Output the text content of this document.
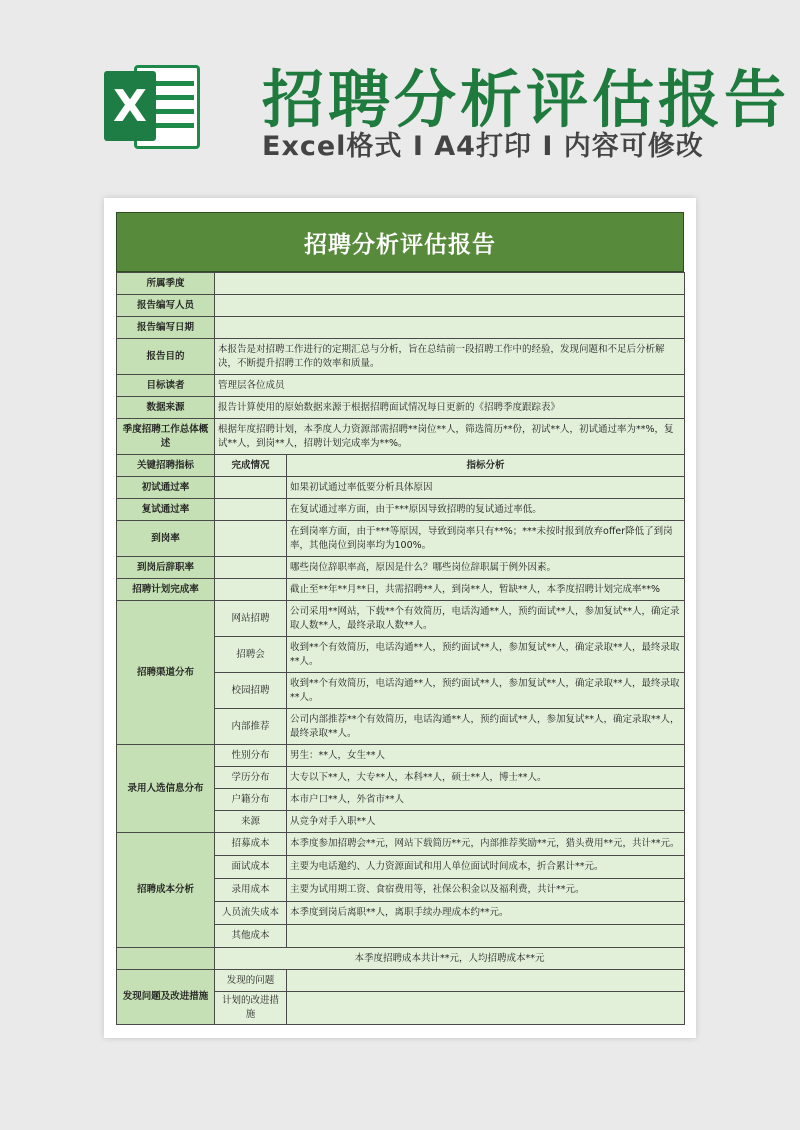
X 招聘分析评估报告
Excel格式 I A4打印 I 内容可修改
招聘分析评估报告
所属季度		
报告编写人员		
报告编写日期		
报告目的	本报告是对招聘工作进行的定期汇总与分析，旨在总结前一段招聘工作中的经验，发现问题和不足后分析解决，不断提升招聘工作的效率和质量。	
目标读者	管理层各位成员	
数据来源	报告计算使用的原始数据来源于根据招聘面试情况每日更新的《招聘季度跟踪表》	
季度招聘工作总体概述	根据年度招聘计划，本季度人力资源部需招聘**岗位**人，筛选简历**份，初试**人，初试通过率为**%，复试**人，到岗**人，招聘计划完成率为**%。	
关键招聘指标	完成情况	指标分析
初试通过率		如果初试通过率低要分析具体原因
复试通过率		在复试通过率方面，由于***原因导致招聘的复试通过率低。
到岗率		在到岗率方面，由于***等原因，导致到岗率只有**%；***未按时报到放弃offer降低了到岗率，其他岗位到岗率均为100%。
到岗后辞职率		哪些岗位辞职率高，原因是什么？哪些岗位辞职属于例外因素。
招聘计划完成率		截止至**年**月**日，共需招聘**人，到岗**人，暂缺**人，本季度招聘计划完成率**%
招聘渠道分布	网站招聘	公司采用**网站，下载**个有效简历，电话沟通**人，预约面试**人，参加复试**人，确定录取人数**人，最终录取人数**人。
	招聘会	收到**个有效简历，电话沟通**人，预约面试**人，参加复试**人，确定录取**人，最终录取**人。
	校园招聘	收到**个有效简历，电话沟通**人，预约面试**人，参加复试**人，确定录取**人，最终录取**人。
	内部推荐	公司内部推荐**个有效简历，电话沟通**人，预约面试**人，参加复试**人，确定录取**人，最终录取**人。
录用人选信息分布	性别分布	男生：**人，女生**人
	学历分布	大专以下**人，大专**人，本科**人，硕士**人，博士**人。
	户籍分布	本市户口**人，外省市**人
	来源	从竞争对手入职**人
招聘成本分析	招募成本	本季度参加招聘会**元，网站下载简历**元，内部推荐奖励**元，猎头费用**元，共计**元。
	面试成本	主要为电话邀约、人力资源面试和用人单位面试时间成本，折合累计**元。
	录用成本	主要为试用期工资、食宿费用等，社保公积金以及福利费，共计**元。
	人员流失成本	本季度到岗后离职**人，离职手续办理成本约**元。
	其他成本	
	本季度招聘成本共计**元，人均招聘成本**元	
发现问题及改进措施	发现的问题	
	计划的改进措施	
